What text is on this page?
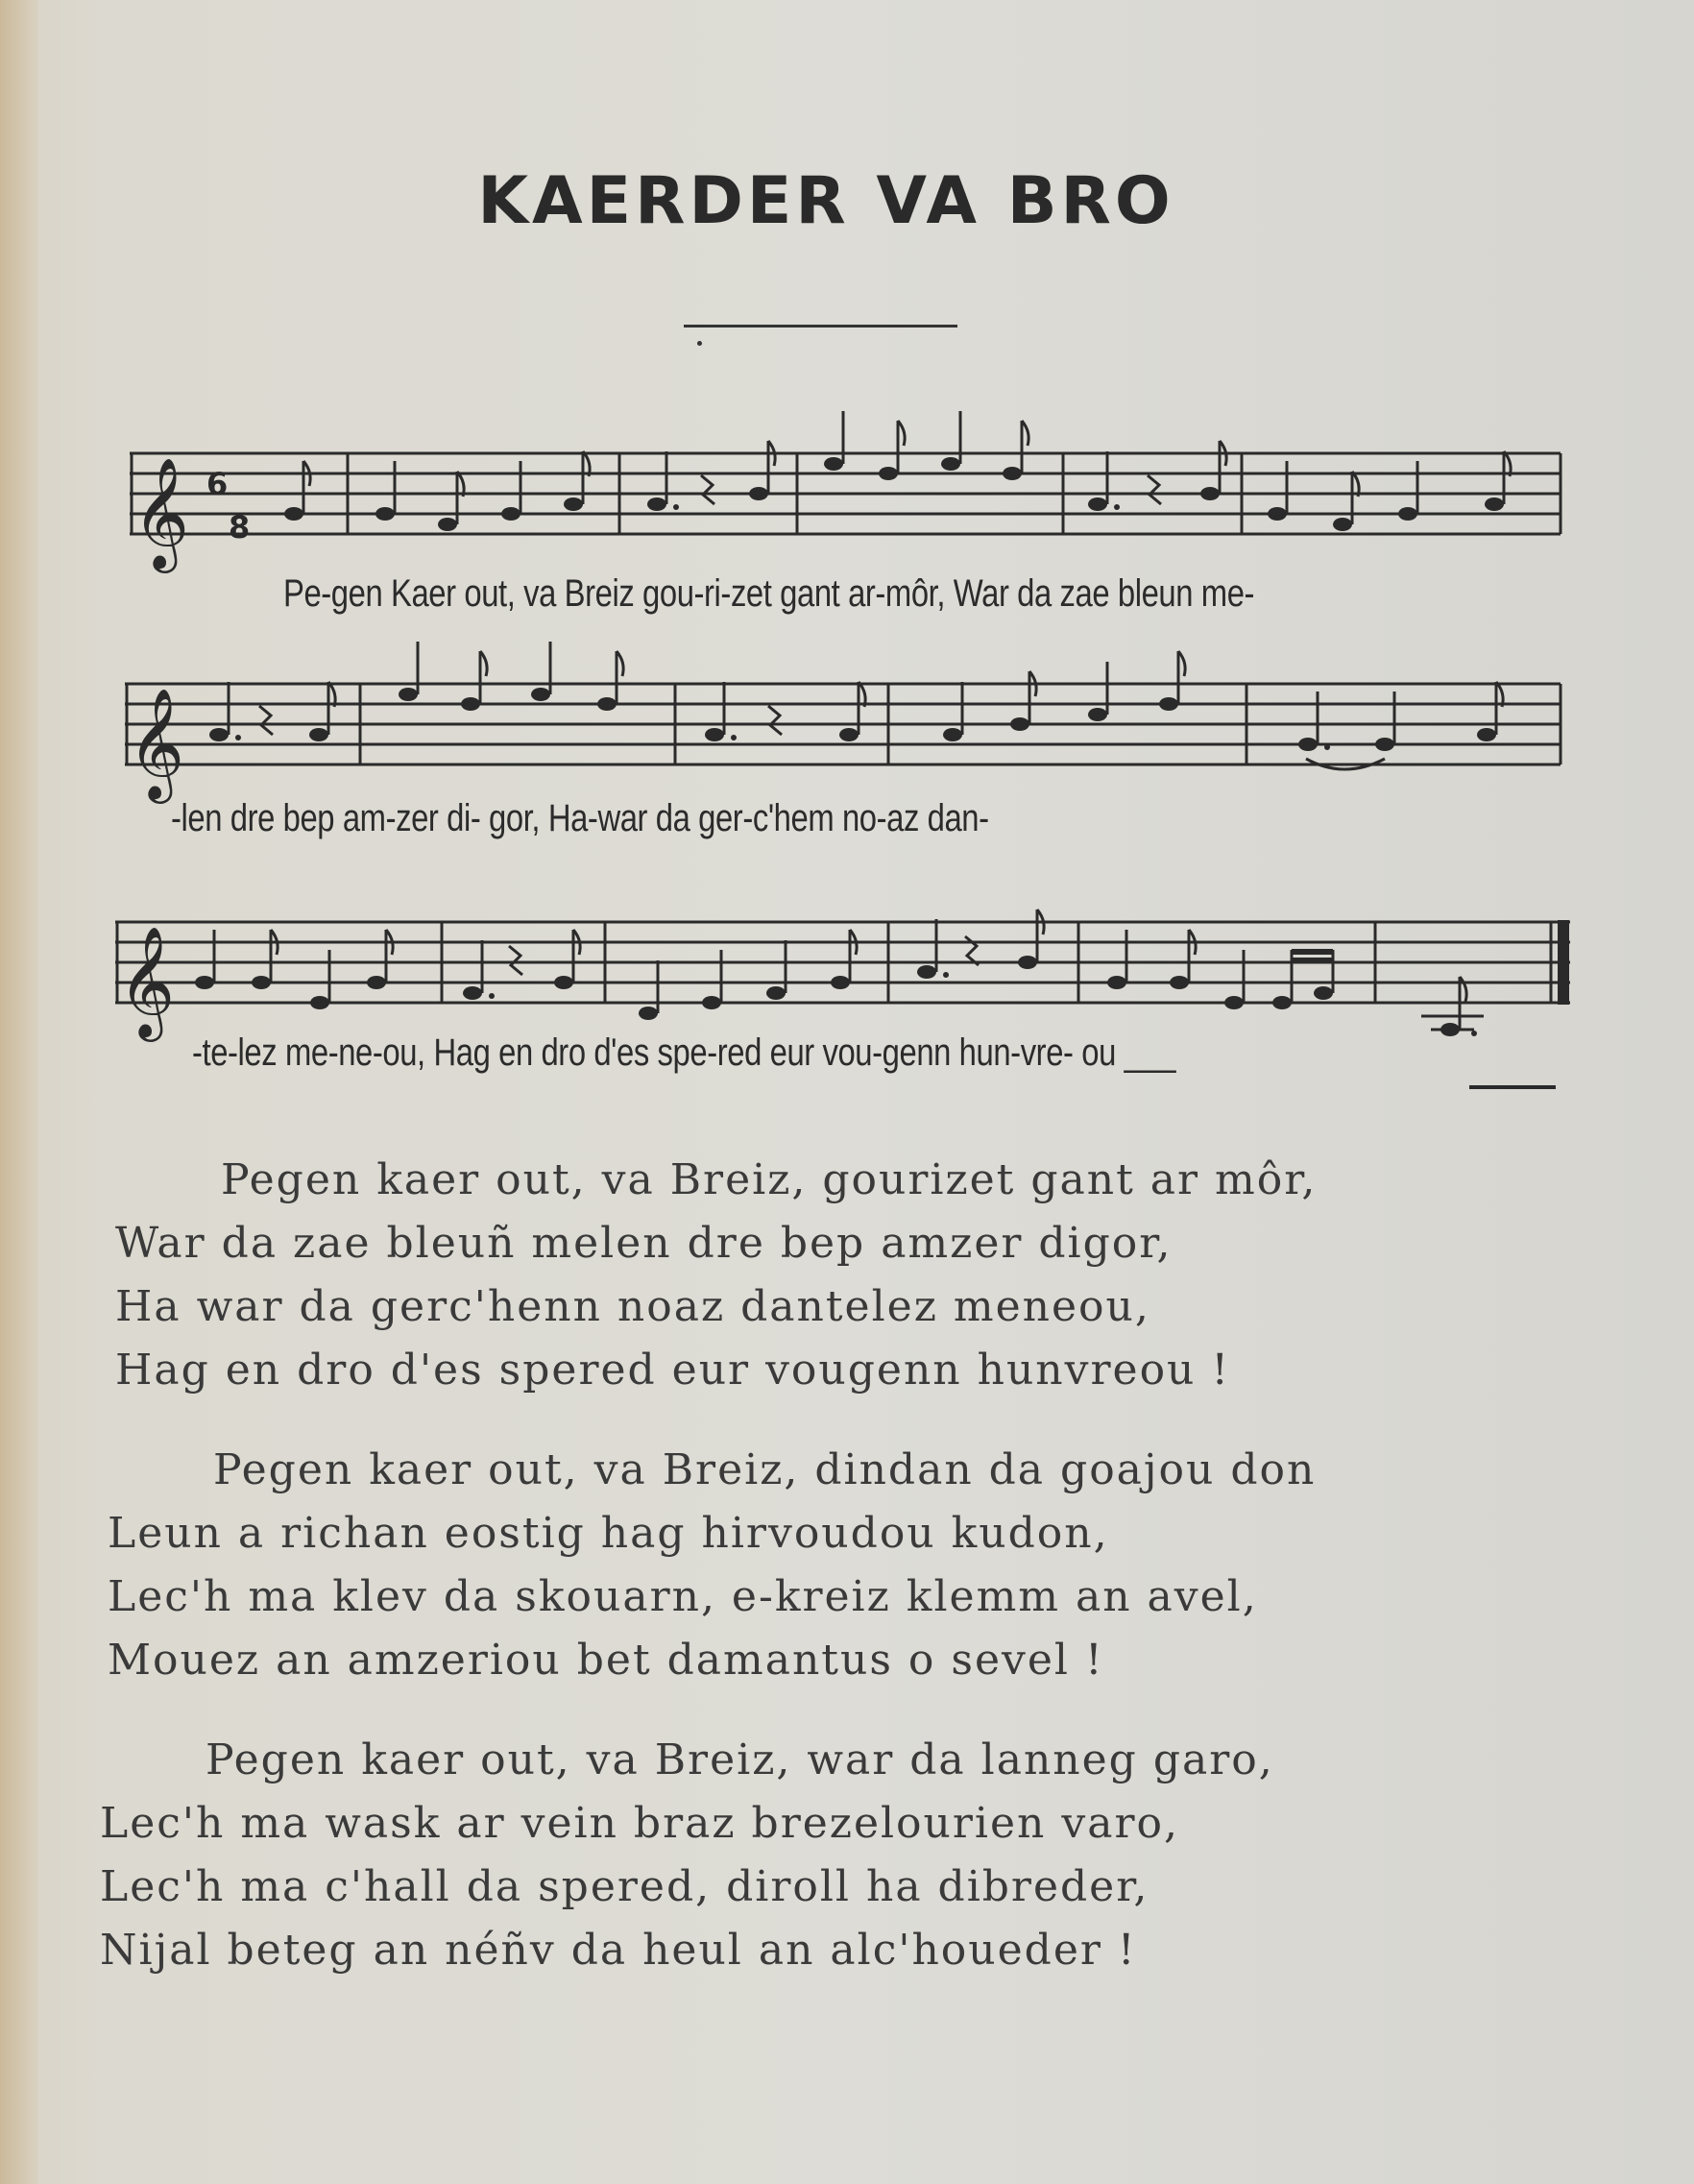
KAERDER VA BRO
𝄞 6
8
𝄞
𝄞
Pe-gen Kaer out, va Breiz gou-ri-zet gant ar-môr, War da zae bleun me-
-len dre bep am-zer di- gor, Ha-war da ger-c'hem no-az dan-
-te-lez me-ne-ou, Hag en dro d'es spe-red eur vou-genn hun-vre- ou ___
Pegen kaer out, va Breiz, gourizet gant ar môr,
War da zae bleuñ melen dre bep amzer digor,
Ha war da gerc'henn noaz dantelez meneou,
Hag en dro d'es spered eur vougenn hunvreou !
Pegen kaer out, va Breiz, dindan da goajou don
Leun a richan eostig hag hirvoudou kudon,
Lec'h ma klev da skouarn, e-kreiz klemm an avel,
Mouez an amzeriou bet damantus o sevel !
Pegen kaer out, va Breiz, war da lanneg garo,
Lec'h ma wask ar vein braz brezelourien varo,
Lec'h ma c'hall da spered, diroll ha dibreder,
Nijal beteg an néñv da heul an alc'houeder !
